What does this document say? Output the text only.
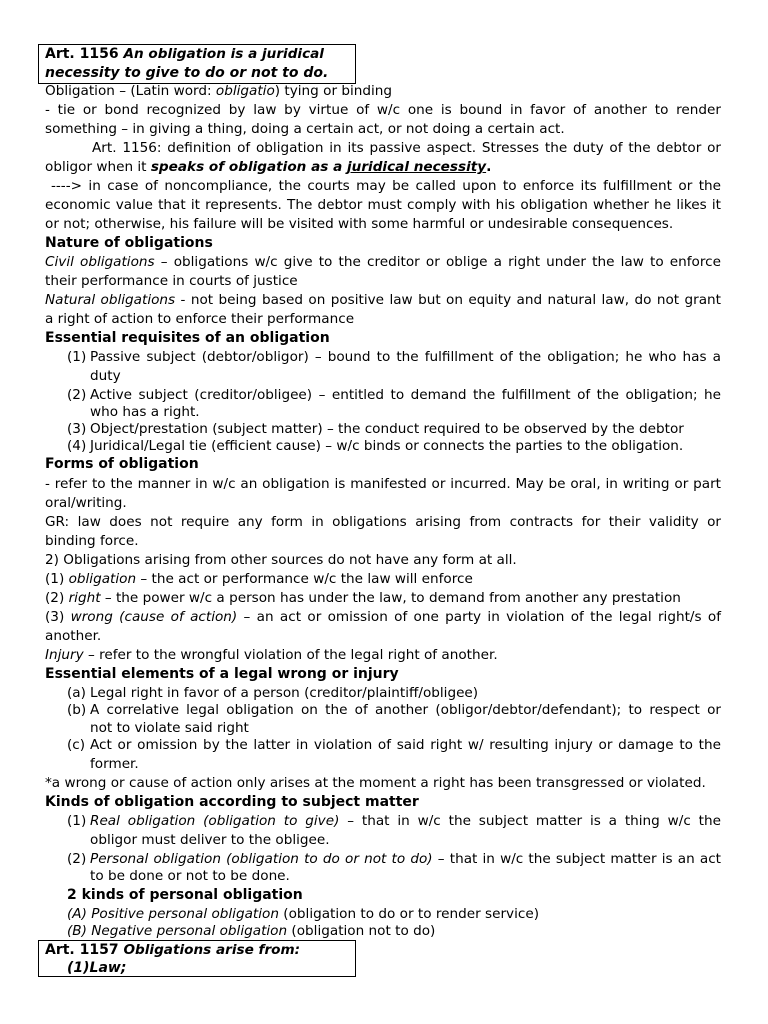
Art. 1156 An obligation is a juridical
necessity to give to do or not to do.
Obligation – (Latin word: obligatio) tying or binding
- tie or bond recognized by law by virtue of w/c one is bound in favor of another to render
something – in giving a thing, doing a certain act, or not doing a certain act.
Art. 1156: definition of obligation in its passive aspect. Stresses the duty of the debtor or
obligor when it speaks of obligation as a juridical necessity.
----> in case of noncompliance, the courts may be called upon to enforce its fulfillment or the
economic value that it represents. The debtor must comply with his obligation whether he likes it
or not; otherwise, his failure will be visited with some harmful or undesirable consequences.
Nature of obligations
Civil obligations – obligations w/c give to the creditor or oblige a right under the law to enforce
their performance in courts of justice
Natural obligations - not being based on positive law but on equity and natural law, do not grant
a right of action to enforce their performance
Essential requisites of an obligation
(1) Passive subject (debtor/obligor) – bound to the fulfillment of the obligation; he who has a
duty
(2) Active subject (creditor/obligee) – entitled to demand the fulfillment of the obligation; he
who has a right.
(3) Object/prestation (subject matter) – the conduct required to be observed by the debtor
(4) Juridical/Legal tie (efficient cause) – w/c binds or connects the parties to the obligation.
Forms of obligation
- refer to the manner in w/c an obligation is manifested or incurred. May be oral, in writing or part
oral/writing.
GR: law does not require any form in obligations arising from contracts for their validity or
binding force.
2) Obligations arising from other sources do not have any form at all.
(1) obligation – the act or performance w/c the law will enforce
(2) right – the power w/c a person has under the law, to demand from another any prestation
(3) wrong (cause of action) – an act or omission of one party in violation of the legal right/s of
another.
Injury – refer to the wrongful violation of the legal right of another.
Essential elements of a legal wrong or injury
(a) Legal right in favor of a person (creditor/plaintiff/obligee)
(b) A correlative legal obligation on the of another (obligor/debtor/defendant); to respect or
not to violate said right
(c) Act or omission by the latter in violation of said right w/ resulting injury or damage to the
former.
*a wrong or cause of action only arises at the moment a right has been transgressed or violated.
Kinds of obligation according to subject matter
(1) Real obligation (obligation to give) – that in w/c the subject matter is a thing w/c the
obligor must deliver to the obligee.
(2) Personal obligation (obligation to do or not to do) – that in w/c the subject matter is an act
to be done or not to be done.
2 kinds of personal obligation
(A) Positive personal obligation (obligation to do or to render service)
(B) Negative personal obligation (obligation not to do)
Art. 1157 Obligations arise from:
(1)Law;
